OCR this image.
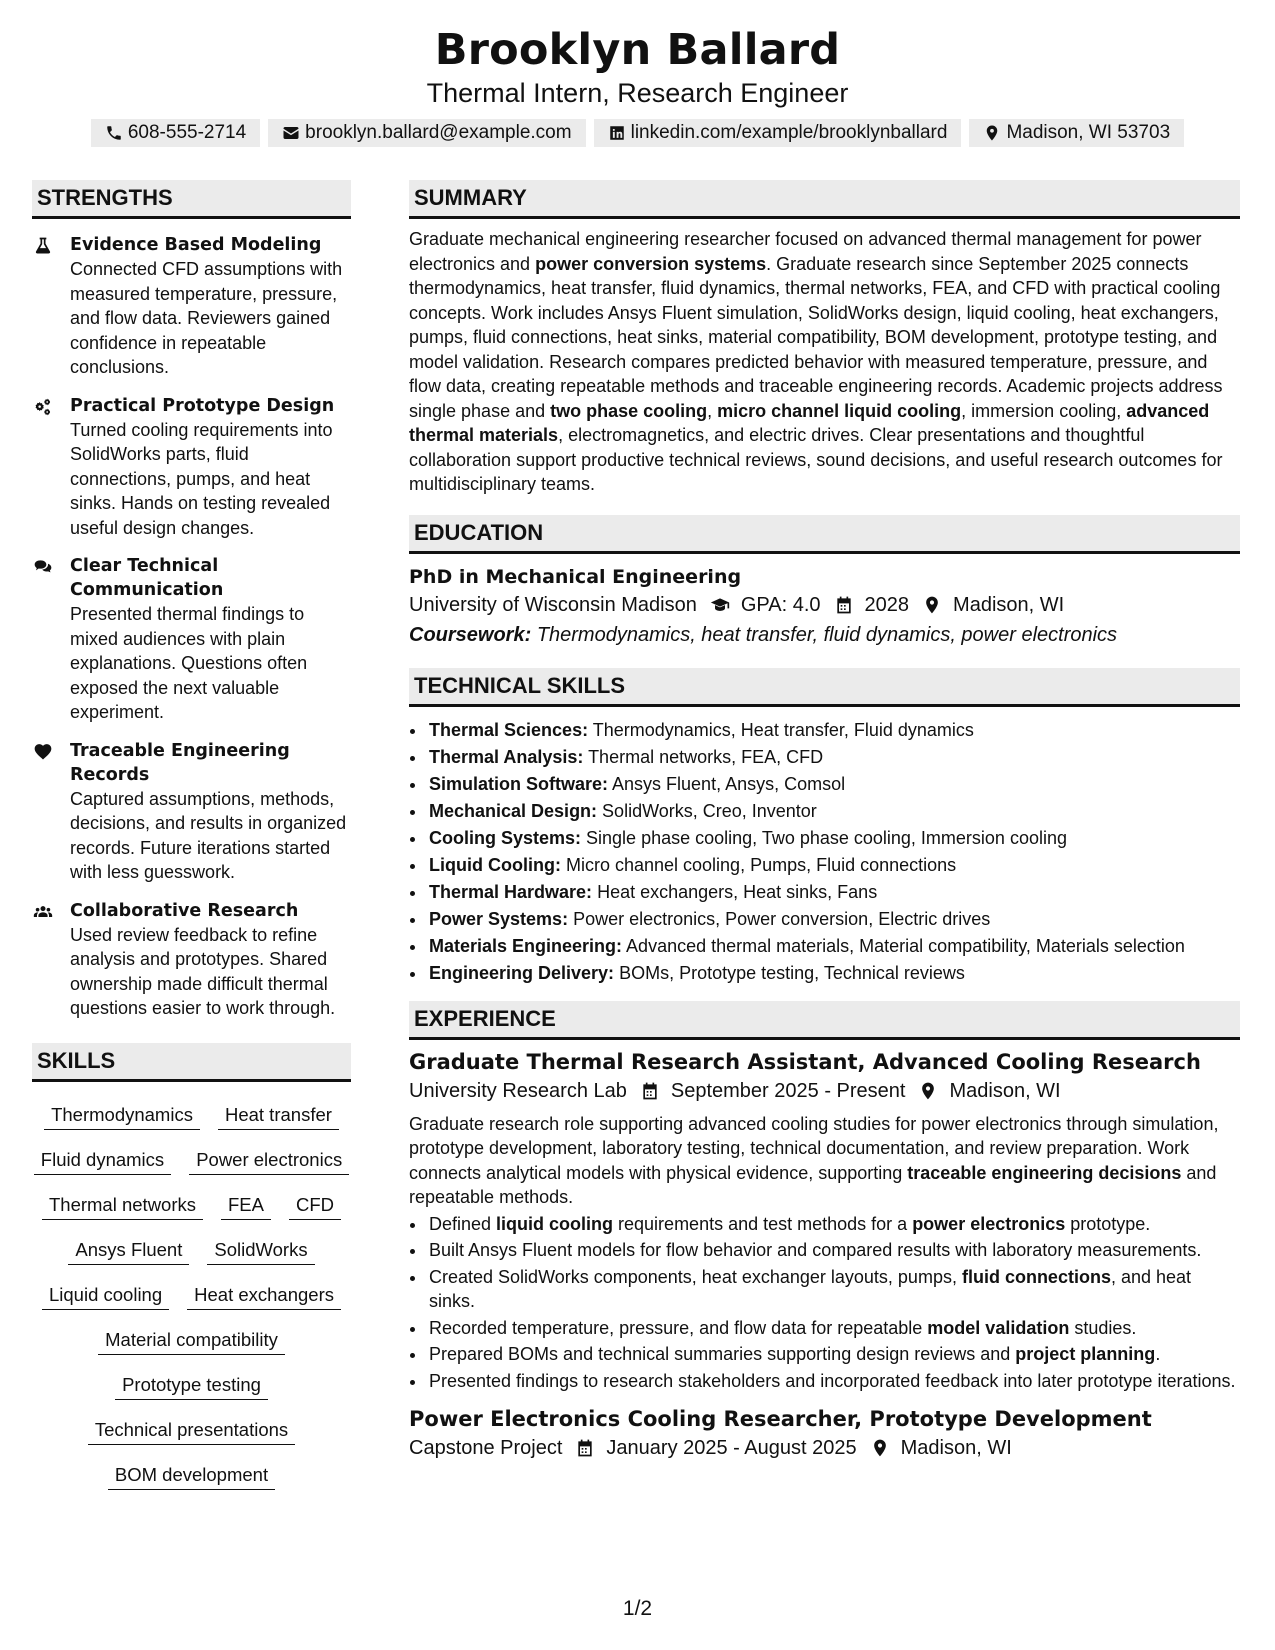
Brooklyn Ballard
Thermal Intern, Research Engineer
608-555-2714	brooklyn.ballard@example.com	linkedin.com/example/brooklynballard	Madison, WI 53703
STRENGTHS
Evidence Based Modeling
Connected CFD assumptions with measured temperature, pressure, and flow data. Reviewers gained confidence in repeatable conclusions.
Practical Prototype Design
Turned cooling requirements into SolidWorks parts, fluid connections, pumps, and heat sinks. Hands on testing revealed useful design changes.
Clear Technical Communication
Presented thermal findings to mixed audiences with plain explanations. Questions often exposed the next valuable experiment.
Traceable Engineering Records
Captured assumptions, methods, decisions, and results in organized records. Future iterations started with less guesswork.
Collaborative Research
Used review feedback to refine analysis and prototypes. Shared ownership made difficult thermal questions easier to work through.
SKILLS
Thermodynamics	Heat transfer
Fluid dynamics	Power electronics
Thermal networks	FEA	CFD
Ansys Fluent	SolidWorks
Liquid cooling	Heat exchangers
Material compatibility
Prototype testing
Technical presentations
BOM development
SUMMARY
Graduate mechanical engineering researcher focused on advanced thermal management for power electronics and power conversion systems. Graduate research since September 2025 connects thermodynamics, heat transfer, fluid dynamics, thermal networks, FEA, and CFD with practical cooling concepts. Work includes Ansys Fluent simulation, SolidWorks design, liquid cooling, heat exchangers, pumps, fluid connections, heat sinks, material compatibility, BOM development, prototype testing, and model validation. Research compares predicted behavior with measured temperature, pressure, and flow data, creating repeatable methods and traceable engineering records. Academic projects address single phase and two phase cooling, micro channel liquid cooling, immersion cooling, advanced thermal materials, electromagnetics, and electric drives. Clear presentations and thoughtful collaboration support productive technical reviews, sound decisions, and useful research outcomes for multidisciplinary teams.
EDUCATION
PhD in Mechanical Engineering
University of Wisconsin Madison GPA: 4.0 2028 Madison, WI
Coursework: Thermodynamics, heat transfer, fluid dynamics, power electronics
TECHNICAL SKILLS
• Thermal Sciences: Thermodynamics, Heat transfer, Fluid dynamics
• Thermal Analysis: Thermal networks, FEA, CFD
• Simulation Software: Ansys Fluent, Ansys, Comsol
• Mechanical Design: SolidWorks, Creo, Inventor
• Cooling Systems: Single phase cooling, Two phase cooling, Immersion cooling
• Liquid Cooling: Micro channel cooling, Pumps, Fluid connections
• Thermal Hardware: Heat exchangers, Heat sinks, Fans
• Power Systems: Power electronics, Power conversion, Electric drives
• Materials Engineering: Advanced thermal materials, Material compatibility, Materials selection
• Engineering Delivery: BOMs, Prototype testing, Technical reviews
EXPERIENCE
Graduate Thermal Research Assistant, Advanced Cooling Research
University Research Lab September 2025 - Present Madison, WI
Graduate research role supporting advanced cooling studies for power electronics through simulation, prototype development, laboratory testing, technical documentation, and review preparation. Work connects analytical models with physical evidence, supporting traceable engineering decisions and repeatable methods.
• Defined liquid cooling requirements and test methods for a power electronics prototype.
• Built Ansys Fluent models for flow behavior and compared results with laboratory measurements.
• Created SolidWorks components, heat exchanger layouts, pumps, fluid connections, and heat sinks.
• Recorded temperature, pressure, and flow data for repeatable model validation studies.
• Prepared BOMs and technical summaries supporting design reviews and project planning.
• Presented findings to research stakeholders and incorporated feedback into later prototype iterations.
Power Electronics Cooling Researcher, Prototype Development
Capstone Project January 2025 - August 2025 Madison, WI
1/2
